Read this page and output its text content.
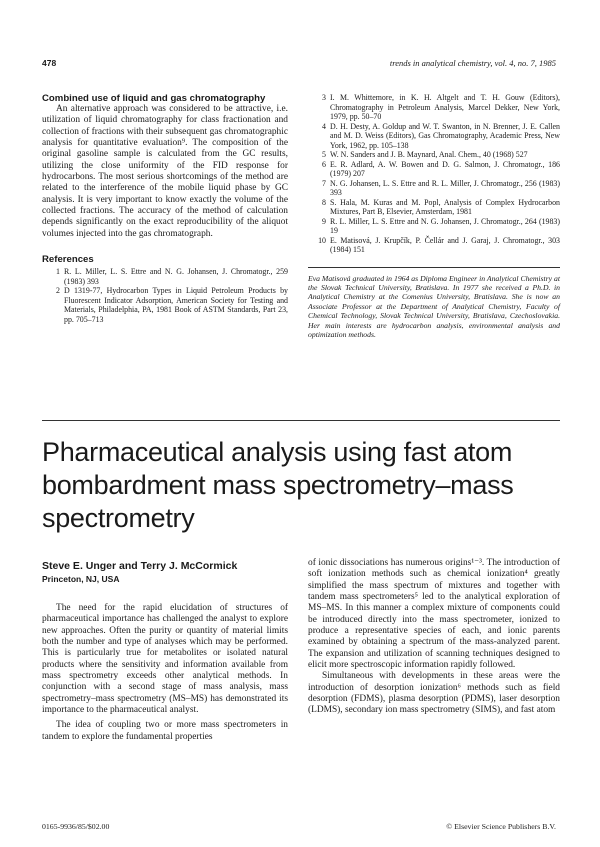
478	trends in analytical chemistry, vol. 4, no. 7, 1985
Combined use of liquid and gas chromatography

An alternative approach was considered to be attractive, i.e. utilization of liquid chromatography for class fractionation and collection of fractions with their subsequent gas chromatographic analysis for quantitative evaluation⁹. The composition of the original gasoline sample is calculated from the GC results, utilizing the close uniformity of the FID response for hydrocarbons. The most serious shortcomings of the method are related to the interference of the mobile liquid phase by GC analysis. It is very important to know exactly the volume of the collected fractions. The accuracy of the method of calculation depends significantly on the exact reproducibility of the aliquot volumes injected into the gas chromatograph.

References
1 R. L. Miller, L. S. Ettre and N. G. Johansen, J. Chromatogr., 259 (1983) 393
2 D 1319-77, Hydrocarbon Types in Liquid Petroleum Products by Fluorescent Indicator Adsorption, American Society for Testing and Materials, Philadelphia, PA, 1981 Book of ASTM Standards, Part 23, pp. 705–713
3 I. M. Whittemore, in K. H. Altgelt and T. H. Gouw (Editors), Chromatography in Petroleum Analysis, Marcel Dekker, New York, 1979, pp. 50–70
4 D. H. Desty, A. Goldup and W. T. Swanton, in N. Brenner, J. E. Callen and M. D. Weiss (Editors), Gas Chromatography, Academic Press, New York, 1962, pp. 105–138
5 W. N. Sanders and J. B. Maynard, Anal. Chem., 40 (1968) 527
6 E. R. Adlard, A. W. Bowen and D. G. Salmon, J. Chromatogr., 186 (1979) 207
7 N. G. Johansen, L. S. Ettre and R. L. Miller, J. Chromatogr., 256 (1983) 393
8 S. Hala, M. Kuras and M. Popl, Analysis of Complex Hydrocarbon Mixtures, Part B, Elsevier, Amsterdam, 1981
9 R. L. Miller, L. S. Ettre and N. G. Johansen, J. Chromatogr., 264 (1983) 19
10 E. Matisová, J. Krupčík, P. Čellár and J. Garaj, J. Chromatogr., 303 (1984) 151
Eva Matisová graduated in 1964 as Diploma Engineer in Analytical Chemistry at the Slovak Technical University, Bratislava. In 1977 she received a Ph.D. in Analytical Chemistry at the Comenius University, Bratislava. She is now an Associate Professor at the Department of Analytical Chemistry, Faculty of Chemical Technology, Slovak Technical University, Bratislava, Czechoslovakia. Her main interests are hydrocarbon analysis, environmental analysis and optimization methods.
Pharmaceutical analysis using fast atom bombardment mass spectrometry–mass spectrometry
Steve E. Unger and Terry J. McCormick
Princeton, NJ, USA

The need for the rapid elucidation of structures of pharmaceutical importance has challenged the analyst to explore new approaches. Often the purity or quantity of material limits both the number and type of analyses which may be performed. This is particularly true for metabolites or isolated natural products where the sensitivity and information available from mass spectrometry exceeds other analytical methods. In conjunction with a second stage of mass analysis, mass spectrometry–mass spectrometry (MS–MS) has demonstrated its importance to the pharmaceutical analyst.

The idea of coupling two or more mass spectrometers in tandem to explore the fundamental properties

of ionic dissociations has numerous origins¹⁻³. The introduction of soft ionization methods such as chemical ionization⁴ greatly simplified the mass spectrum of mixtures and together with tandem mass spectrometers⁵ led to the analytical exploration of MS–MS. In this manner a complex mixture of components could be introduced directly into the mass spectrometer, ionized to produce a representative species of each, and ionic parents examined by obtaining a spectrum of the mass-analyzed parent. The expansion and utilization of scanning techniques designed to elicit more spectroscopic information rapidly followed.

Simultaneous with developments in these areas were the introduction of desorption ionization⁶ methods such as field desorption (FDMS), plasma desorption (PDMS), laser desorption (LDMS), secondary ion mass spectrometry (SIMS), and fast atom

0165-9936/85/$02.00	© Elsevier Science Publishers B.V.
